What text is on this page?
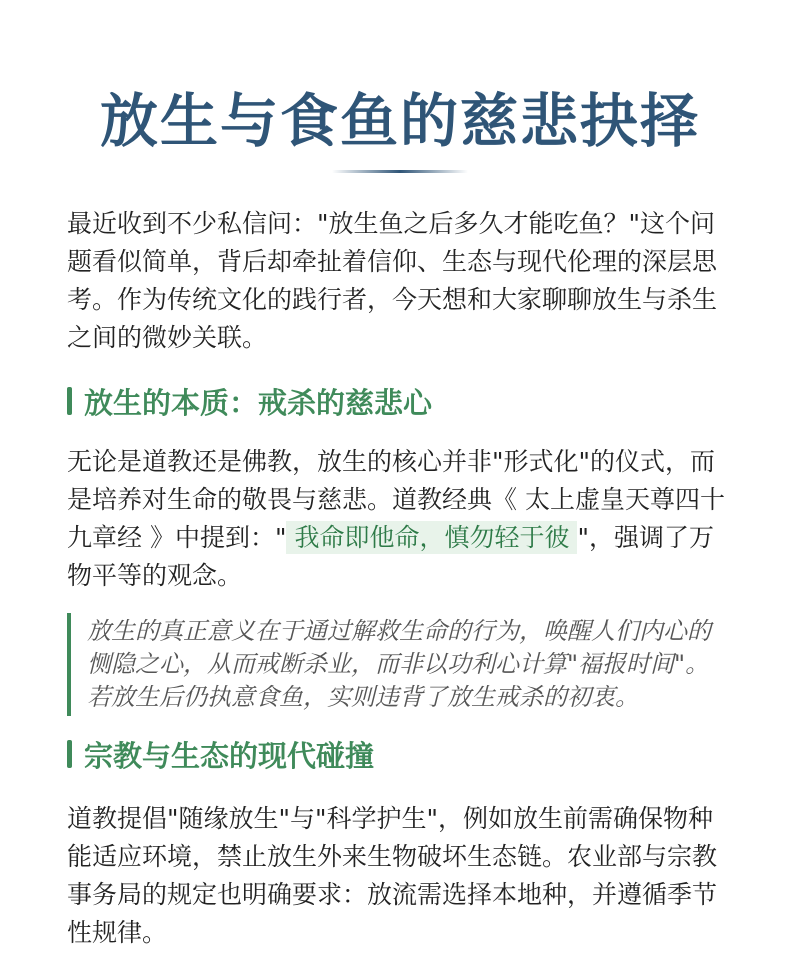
放生与食鱼的慈悲抉择

最近收到不少私信问："放生鱼之后多久才能吃鱼？"这个问题看似简单，背后却牵扯着信仰、生态与现代伦理的深层思考。作为传统文化的践行者，今天想和大家聊聊放生与杀生之间的微妙关联。

放生的本质：戒杀的慈悲心

无论是道教还是佛教，放生的核心并非"形式化"的仪式，而是培养对生命的敬畏与慈悲。道教经典《 太上虚皇天尊四十九章经 》中提到：" 我命即他命，慎勿轻于彼 "，强调了万物平等的观念。

放生的真正意义在于通过解救生命的行为，唤醒人们内心的恻隐之心，从而戒断杀业，而非以功利心计算"福报时间"。若放生后仍执意食鱼，实则违背了放生戒杀的初衷。
宗教与生态的现代碰撞

道教提倡"随缘放生"与"科学护生"，例如放生前需确保物种能适应环境，禁止放生外来生物破坏生态链。农业部与宗教事务局的规定也明确要求：放流需选择本地种，并遵循季节性规律。
